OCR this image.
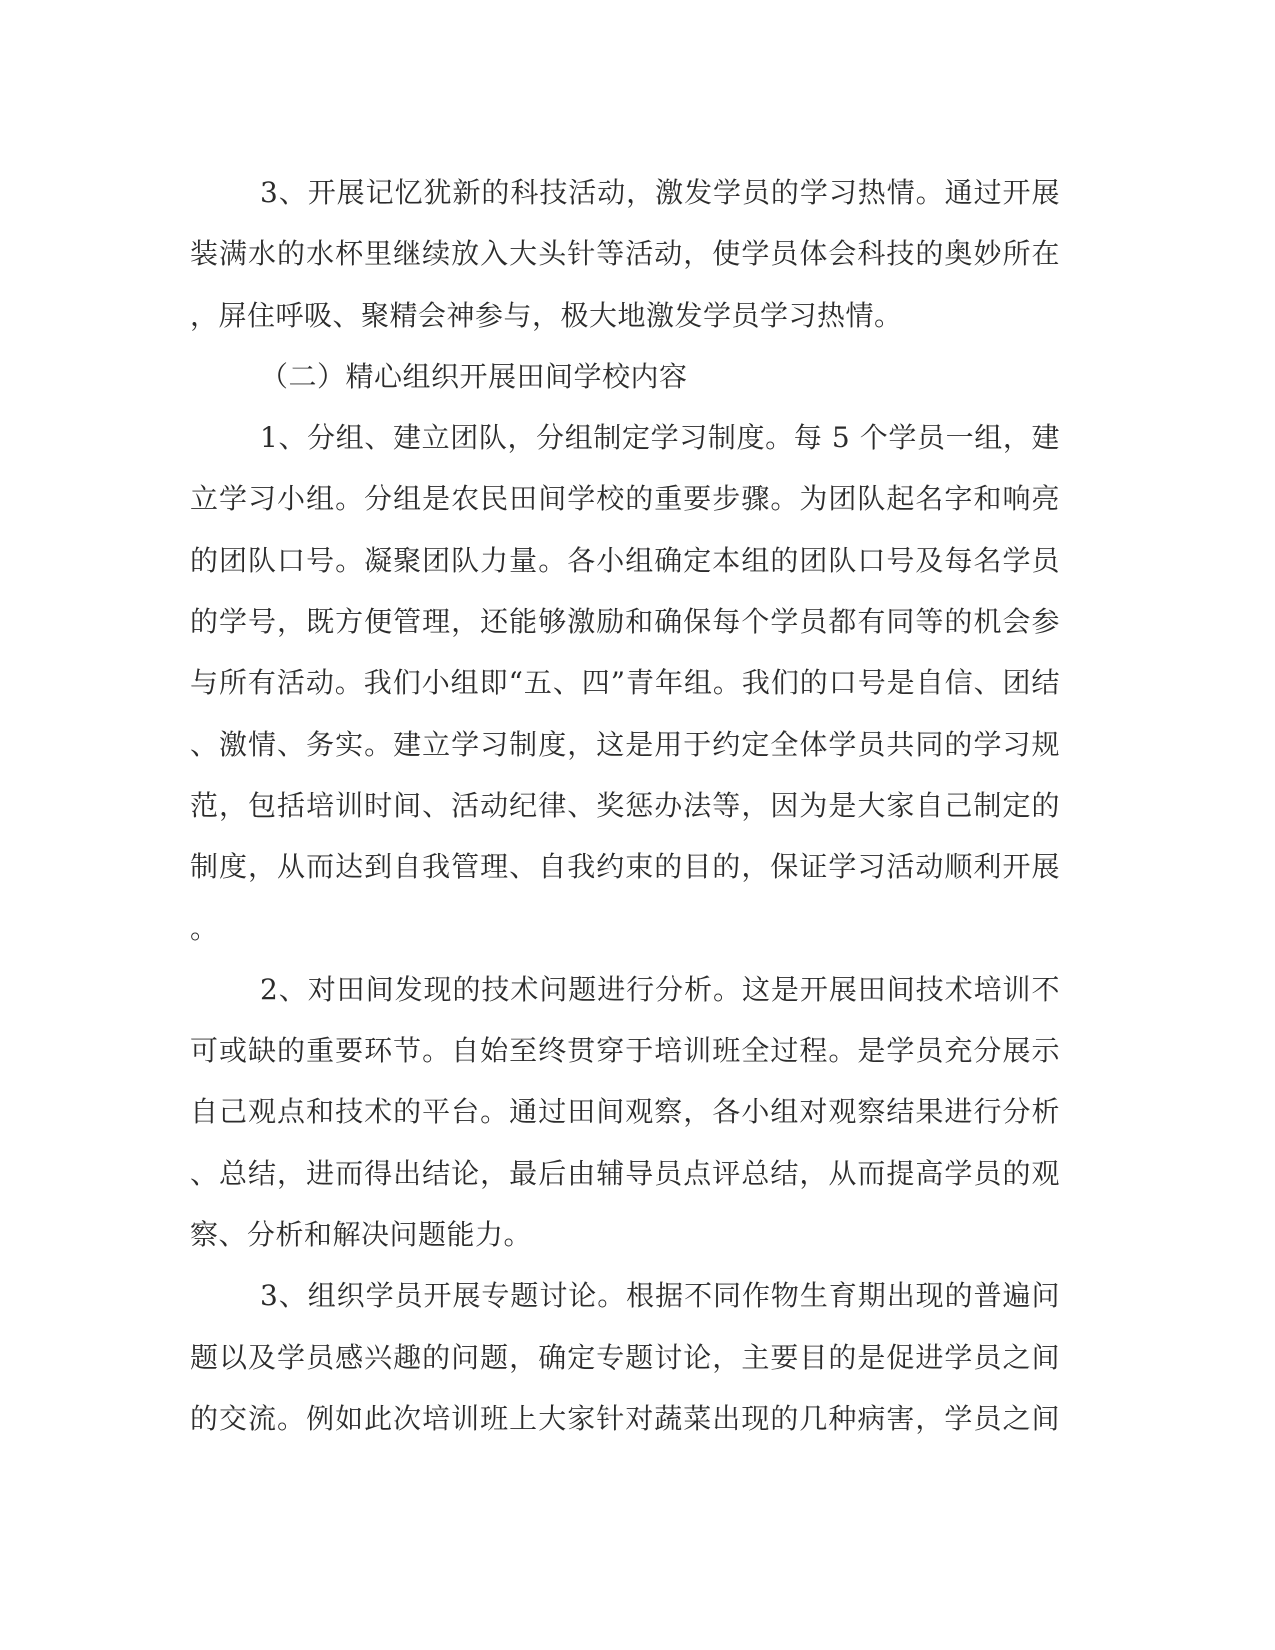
3、开展记忆犹新的科技活动，激发学员的学习热情。通过开展
装满水的水杯里继续放入大头针等活动，使学员体会科技的奥妙所在
，屏住呼吸、聚精会神参与，极大地激发学员学习热情。
（二）精心组织开展田间学校内容
1、分组、建立团队，分组制定学习制度。每 5 个学员一组，建
立学习小组。分组是农民田间学校的重要步骤。为团队起名字和响亮
的团队口号。凝聚团队力量。各小组确定本组的团队口号及每名学员
的学号，既方便管理，还能够激励和确保每个学员都有同等的机会参
与所有活动。我们小组即“五、四”青年组。我们的口号是自信、团结
、激情、务实。建立学习制度，这是用于约定全体学员共同的学习规
范，包括培训时间、活动纪律、奖惩办法等，因为是大家自己制定的
制度，从而达到自我管理、自我约束的目的，保证学习活动顺利开展
。
2、对田间发现的技术问题进行分析。这是开展田间技术培训不
可或缺的重要环节。自始至终贯穿于培训班全过程。是学员充分展示
自己观点和技术的平台。通过田间观察，各小组对观察结果进行分析
、总结，进而得出结论，最后由辅导员点评总结，从而提高学员的观
察、分析和解决问题能力。
3、组织学员开展专题讨论。根据不同作物生育期出现的普遍问
题以及学员感兴趣的问题，确定专题讨论，主要目的是促进学员之间
的交流。例如此次培训班上大家针对蔬菜出现的几种病害，学员之间
